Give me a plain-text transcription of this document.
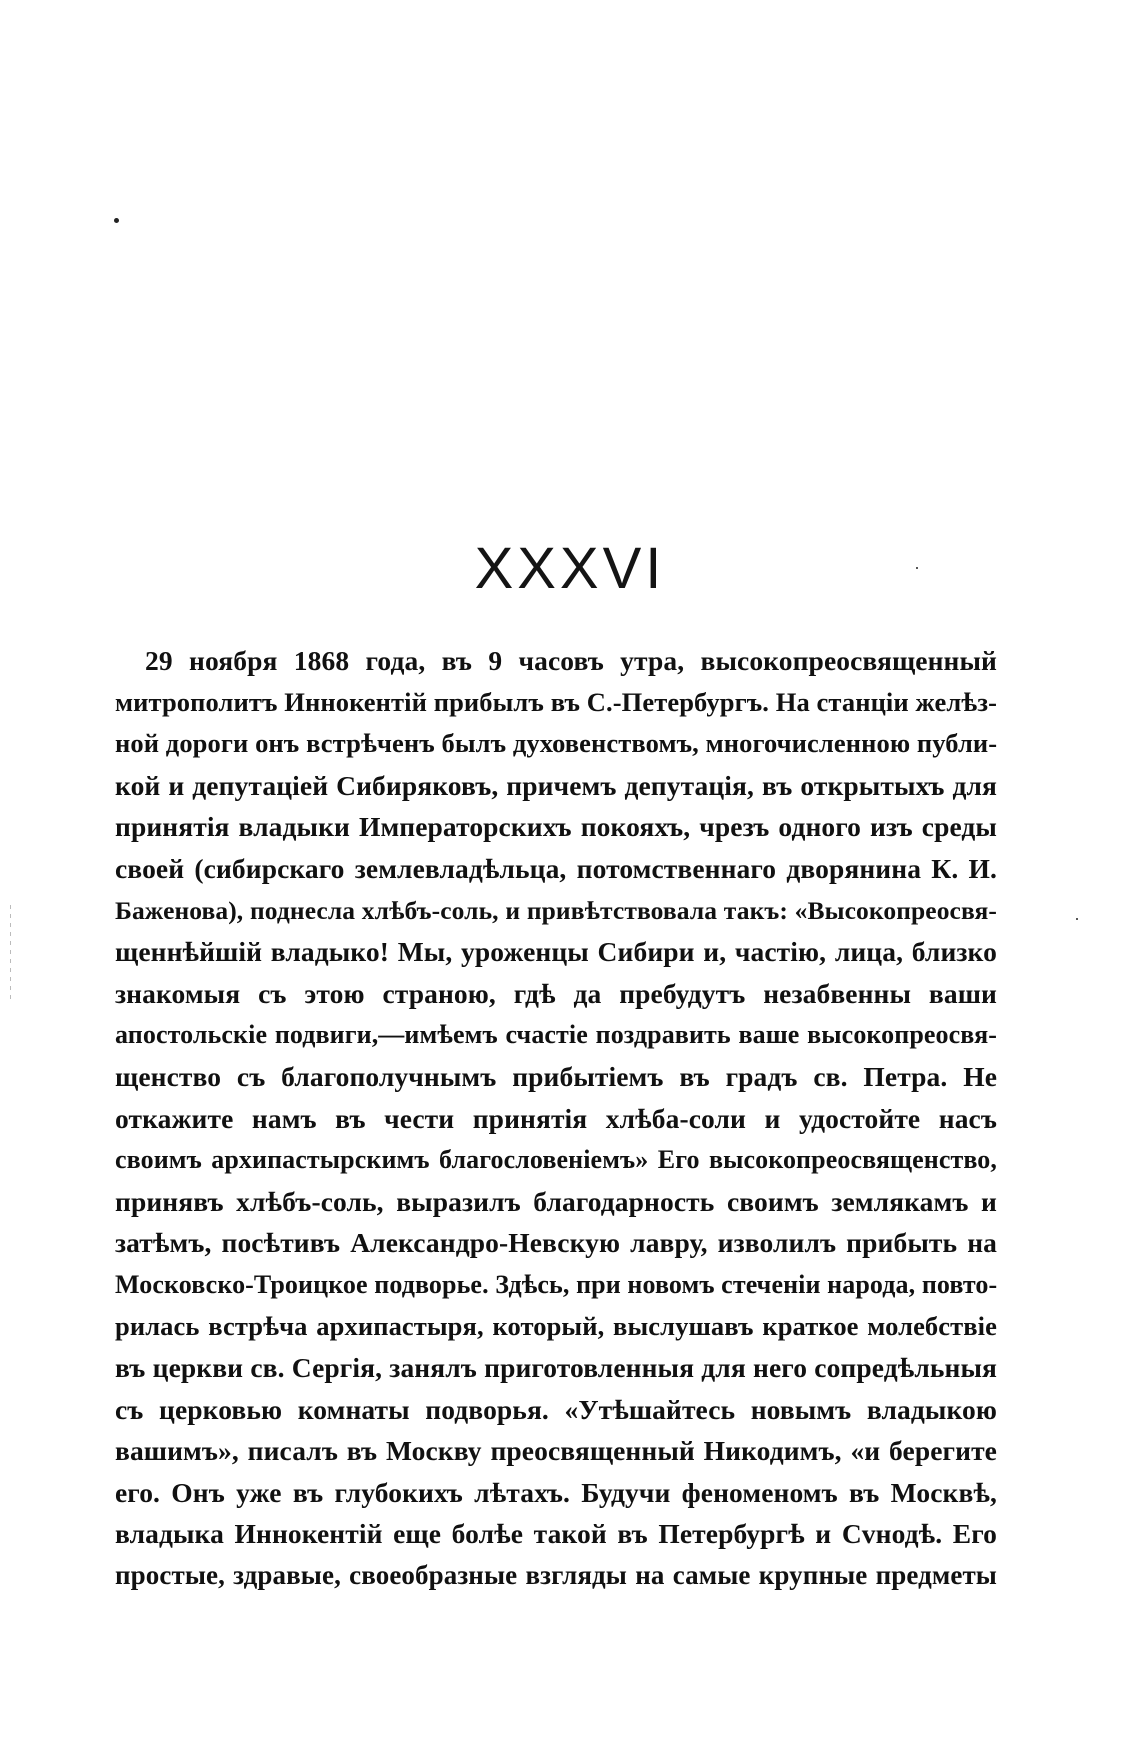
XXXVI
29 ноября 1868 года, въ 9 часовъ утра, высокопреосвященный
митрополитъ Иннокентій прибылъ въ С.-Петербургъ. На станціи желѣз-
ной дороги онъ встрѣченъ былъ духовенствомъ, многочисленною публи-
кой и депутаціей Сибиряковъ, причемъ депутація, въ открытыхъ для
принятія владыки Императорскихъ покояхъ, чрезъ одного изъ среды
своей (сибирскаго землевладѣльца, потомственнаго дворянина К. И.
Баженова), поднесла хлѣбъ-соль, и привѣтствовала такъ: «Высокопреосвя-
щеннѣйшій владыко! Мы, уроженцы Сибири и, частію, лица, близко
знакомыя съ этою страною, гдѣ да пребудутъ незабвенны ваши
апостольскіе подвиги,—имѣемъ счастіе поздравить ваше высокопреосвя-
щенство съ благополучнымъ прибытіемъ въ градъ св. Петра. Не
откажите намъ въ чести принятія хлѣба-соли и удостойте насъ
своимъ архипастырскимъ благословеніемъ» Его высокопреосвященство,
принявъ хлѣбъ-соль, выразилъ благодарность своимъ землякамъ и
затѣмъ, посѣтивъ Александро-Невскую лавру, изволилъ прибыть на
Московско-Троицкое подворье. Здѣсь, при новомъ стеченіи народа, повто-
рилась встрѣча архипастыря, который, выслушавъ краткое молебствіе
въ церкви св. Сергія, занялъ приготовленныя для него сопредѣльныя
съ церковью комнаты подворья. «Утѣшайтесь новымъ владыкою
вашимъ», писалъ въ Москву преосвященный Никодимъ, «и берегите
его. Онъ уже въ глубокихъ лѣтахъ. Будучи феноменомъ въ Москвѣ,
владыка Иннокентій еще болѣе такой въ Петербургѣ и Сvнодѣ. Его
простые, здравые, своеобразные взгляды на самые крупные предметы
